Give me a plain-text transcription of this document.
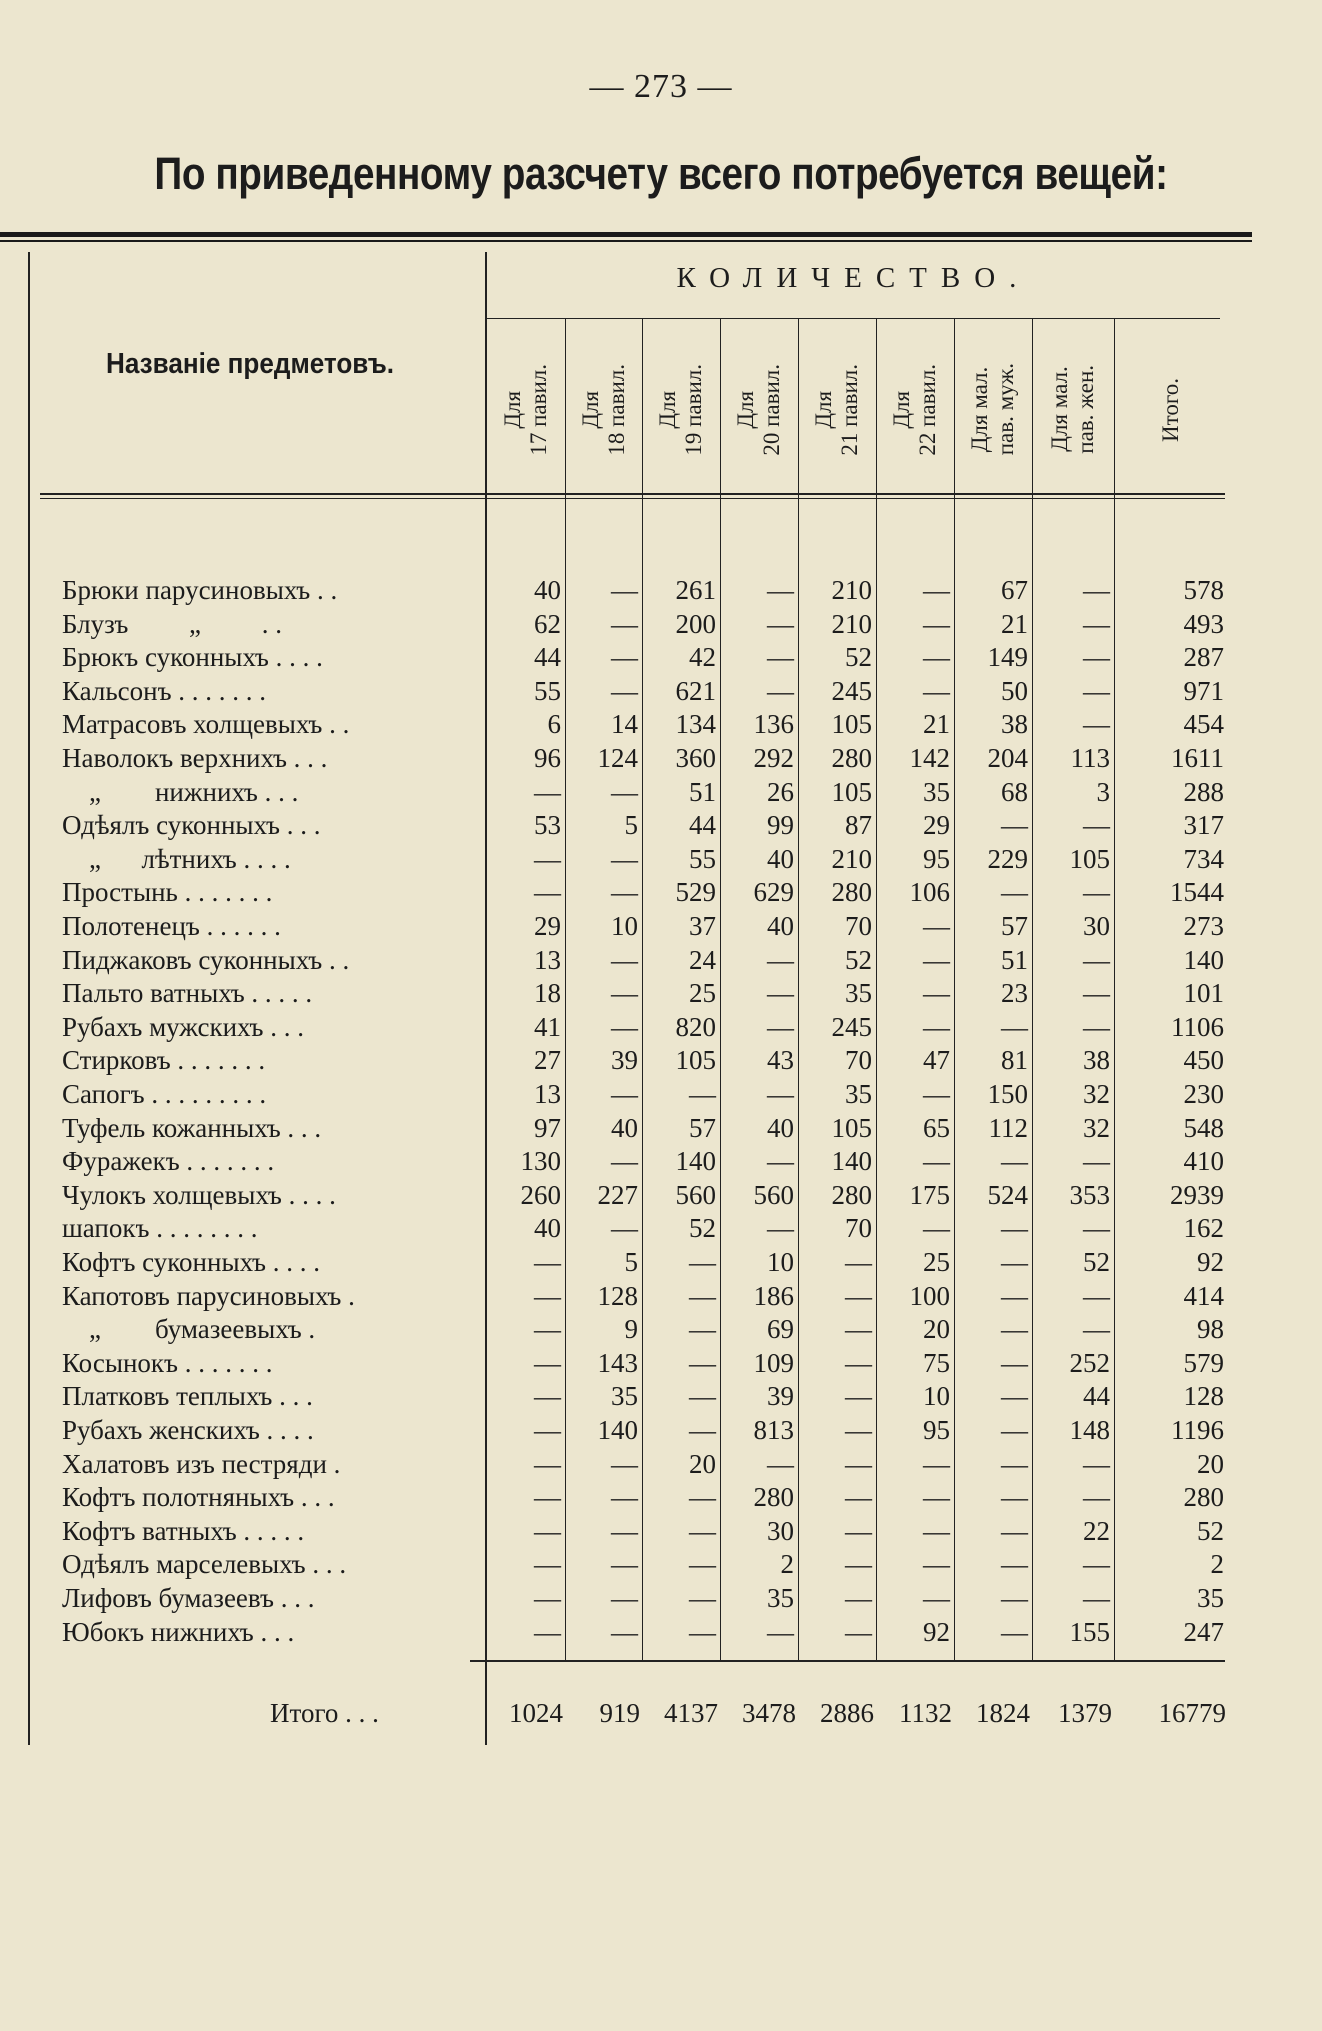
— 273 —
По приведенному разсчету всего потребуется вещей:
КОЛИЧЕСТВО.
Названіе предметовъ.
Для
17 павил. Для
18 павил. Для
19 павил. Для
20 павил. Для
21 павил. Для
22 павил.
Для мал.
пав. муж.
Для мал.
пав. жен.	Итого.
Брюки парусиновыхъ . .	40	—	261	—	210	—	67	—	578
Блузъ         „         . .	62	—	200	—	210	—	21	—	493
Брюкъ суконныхъ . . . .	44	—	42	—	52	—	149	—	287
Кальсонъ . . . . . . .	55	—	621	—	245	—	50	—	971
Матрасовъ холщевыхъ . .	6	14	134	136	105	21	38	—	454
Наволокъ верхнихъ . . .	96	124	360	292	280	142	204	113	1611
„        нижнихъ . . .	—	—	51	26	105	35	68	3	288
Одѣялъ суконныхъ . . .	53	5	44	99	87	29	—	—	317
„      лѣтнихъ . . . .	—	—	55	40	210	95	229	105	734
Простынь . . . . . . .	—	—	529	629	280	106	—	—	1544
Полотенецъ . . . . . .	29	10	37	40	70	—	57	30	273
Пиджаковъ суконныхъ . .	13	—	24	—	52	—	51	—	140
Пальто ватныхъ . . . . .	18	—	25	—	35	—	23	—	101
Рубахъ мужскихъ . . .	41	—	820	—	245	—	—	—	1106
Стирковъ . . . . . . .	27	39	105	43	70	47	81	38	450
Сапогъ . . . . . . . . .	13	—	—	—	35	—	150	32	230
Туфель кожанныхъ . . .	97	40	57	40	105	65	112	32	548
Фуражекъ . . . . . . .	130	—	140	—	140	—	—	—	410
Чулокъ холщевыхъ . . . .	260	227	560	560	280	175	524	353	2939
шапокъ . . . . . . . .	40	—	52	—	70	—	—	—	162
Кофтъ суконныхъ . . . .	—	5	—	10	—	25	—	52	92
Капотовъ парусиновыхъ .	—	128	—	186	—	100	—	—	414
„        бумазеевыхъ .	—	9	—	69	—	20	—	—	98
Косынокъ . . . . . . .	—	143	—	109	—	75	—	252	579
Платковъ теплыхъ . . .	—	35	—	39	—	10	—	44	128
Рубахъ женскихъ . . . .	—	140	—	813	—	95	—	148	1196
Халатовъ изъ пестряди .	—	—	20	—	—	—	—	—	20
Кофтъ полотняныхъ . . .	—	—	—	280	—	—	—	—	280
Кофтъ ватныхъ . . . . .	—	—	—	30	—	—	—	22	52
Одѣялъ марселевыхъ . . .	—	—	—	2	—	—	—	—	2
Лифовъ бумазеевъ . . .	—	—	—	35	—	—	—	—	35
Юбокъ нижнихъ . . .	—	—	—	—	—	92	—	155	247
Итого . . .	1024	919 4137 3478 2886 1132 1824	1379	16779
